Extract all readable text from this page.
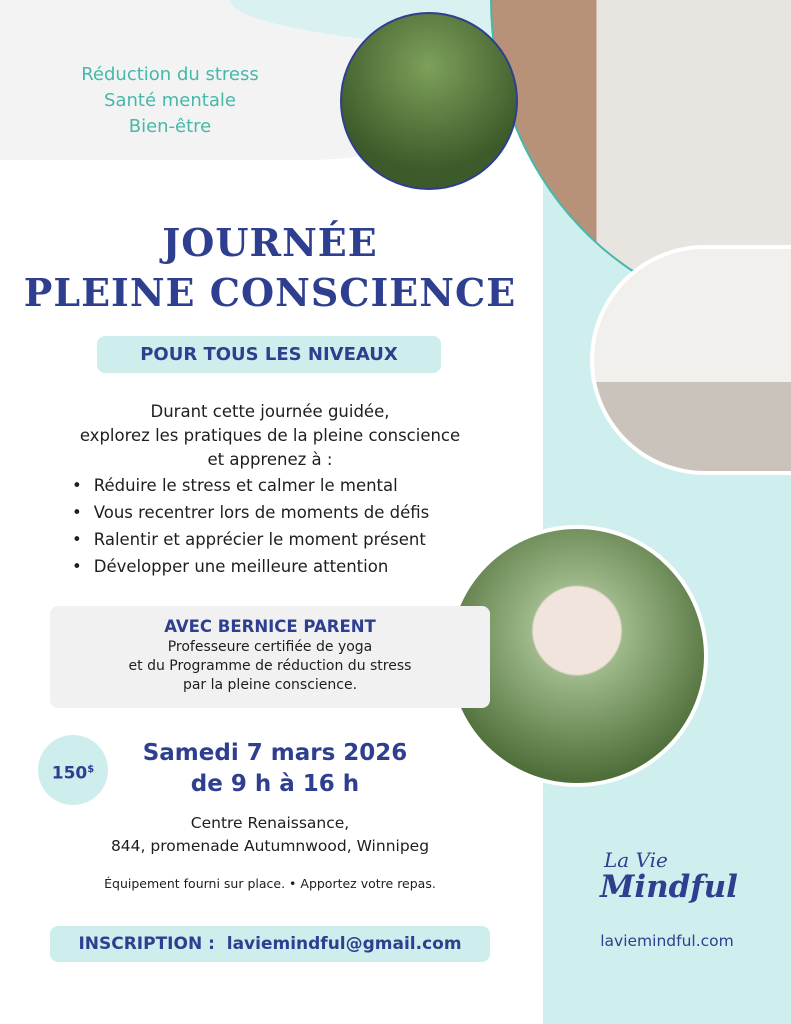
Réduction du stress
Santé mentale
Bien-être
JOURNÉE
PLEINE CONSCIENCE
POUR TOUS LES NIVEAUX
Durant cette journée guidée,
explorez les pratiques de la pleine conscience
et apprenez à :
• Réduire le stress et calmer le mental
• Vous recentrer lors de moments de défis
• Ralentir et apprécier le moment présent
• Développer une meilleure attention
AVEC BERNICE PARENT
Professeure certifiée de yoga
et du Programme de réduction du stress
par la pleine conscience.
150$
Samedi 7 mars 2026
de 9 h à 16 h
Centre Renaissance,
844, promenade Autumnwood, Winnipeg
Équipement fourni sur place. • Apportez votre repas.
INSCRIPTION : laviemindful@gmail.com
La Vie
Mindful
laviemindful.com
